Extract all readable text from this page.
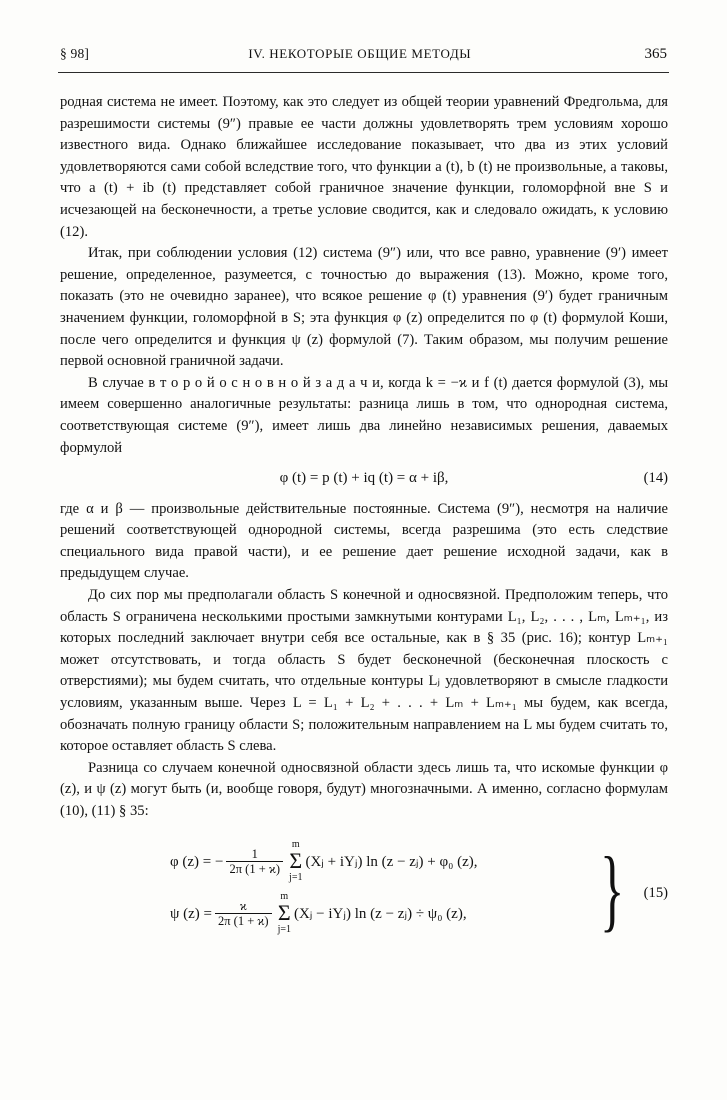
§ 98]	IV. НЕКОТОРЫЕ ОБЩИЕ МЕТОДЫ	365

родная система не имеет. Поэтому, как это следует из общей теории уравнений Фредгольма, для разрешимости системы (9″) правые ее части должны удовлетворять трем условиям хорошо известного вида. Однако ближайшее исследование показывает, что два из этих условий удовлетворяются сами собой вследствие того, что функции a (t), b (t) не произвольные, а таковы, что a (t) + ib (t) представляет собой граничное значение функции, голоморфной вне S и исчезающей на бесконечности, а третье условие сводится, как и следовало ожидать, к условию (12).

Итак, при соблюдении условия (12) система (9″) или, что все равно, уравнение (9′) имеет решение, определенное, разумеется, с точностью до выражения (13). Можно, кроме того, показать (это не очевидно заранее), что всякое решение φ (t) уравнения (9′) будет граничным значением функции, голоморфной в S; эта функция φ (z) определится по φ (t) формулой Коши, после чего определится и функция ψ (z) формулой (7). Таким образом, мы получим решение первой основной граничной задачи.

В случае в т о р о й о с н о в н о й з а д а ч и, когда k = −ϰ и f (t) дается формулой (3), мы имеем совершенно аналогичные результаты: разница лишь в том, что однородная система, соответствующая системе (9″), имеет лишь два линейно независимых решения, даваемых формулой

φ (t) = p (t) + iq (t) = α + iβ,	(14)

где α и β — произвольные действительные постоянные. Система (9″), несмотря на наличие решений соответствующей однородной системы, всегда разрешима (это есть следствие специального вида правой части), и ее решение дает решение исходной задачи, как в предыдущем случае.

До сих пор мы предполагали область S конечной и односвязной. Предположим теперь, что область S ограничена несколькими простыми замкнутыми контурами L₁, L₂, . . . , Lₘ, Lₘ₊₁, из которых последний заключает внутри себя все остальные, как в § 35 (рис. 16); контур Lₘ₊₁ может отсутствовать, и тогда область S будет бесконечной (бесконечная плоскость с отверстиями); мы будем считать, что отдельные контуры Lⱼ удовлетворяют в смысле гладкости условиям, указанным выше. Через L = L₁ + L₂ + . . . + Lₘ + Lₘ₊₁ мы будем, как всегда, обозначать полную границу области S; положительным направлением на L мы будем считать то, которое оставляет область S слева.

Разница со случаем конечной односвязной области здесь лишь та, что искомые функции φ (z), и ψ (z) могут быть (и, вообще говоря, будут) многозначными. А именно, согласно формулам (10), (11) § 35:

φ (z) = − $\frac{1}{2\pi (1 + ϰ)}$
m
Σ
j=1
(Xⱼ + iYⱼ) ln (z − zⱼ) + φ₀ (z),
ψ $(z) = \frac{ϰ}{2\pi (1 + ϰ)}$
m
Σ
j=1
(Xⱼ − iYⱼ) ln (z − zⱼ) ÷ ψ₀ (z), } (15)
